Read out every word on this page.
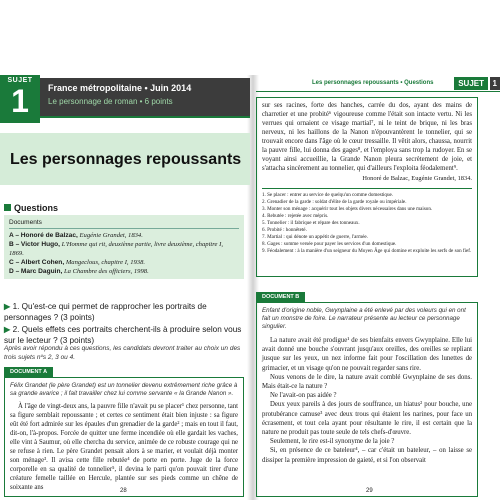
SUJET
1	France métropolitaine • Juin 2014
Le personnage de roman • 6 points
Les personnages repoussants
Questions
Documents
A – Honoré de Balzac, Eugénie Grandet, 1834.
B – Victor Hugo, L'Homme qui rit, deuxième partie, livre deuxième, chapitre I, 1869.
C – Albert Cohen, Mangeclous, chapitre I, 1938.
D – Marc Daguin, La Chambre des officiers, 1998.

▶ 1. Qu'est-ce qui permet de rapprocher les portraits de personnages ? (3 points)

▶ 2. Quels effets ces portraits cherchent-ils à produire selon vous sur le lecteur ? (3 points)

Après avoir répondu à ces questions, les candidats devront traiter au choix un des trois sujets nºs 2, 3 ou 4.
DOCUMENT A
Félix Grandet (le père Grandet) est un tonnelier devenu extrêmement riche grâce à sa grande avarice ; il fait travailler chez lui comme servante « la Grande Nanon ».
À l'âge de vingt-deux ans, la pauvre fille n'avait pu se placer¹ chez personne, tant sa figure semblait repoussante ; et certes ce sentiment était bien injuste : sa figure eût été fort admirée sur les épaules d'un grenadier de la garde² ; mais en tout il faut, dit-on, l'à-propos. Forcée de quitter une ferme incendiée où elle gardait les vaches, elle vint à Saumur, où elle chercha du service, animée de ce robuste courage qui ne se refuse à rien. Le père Grandet pensait alors à se marier, et voulait déjà monter son ménage³. Il avisa cette fille rebutée⁴ de porte en porte. Juge de la force corporelle en sa qualité de tonnelier⁵, il devina le parti qu'on pouvait tirer d'une créature femelle taillée en Hercule, plantée sur ses pieds comme un chêne de soixante ans	28
Les personnages repoussants • Questions	SUJET	1
sur ses racines, forte des hanches, carrée du dos, ayant des mains de charretier et une probité⁶ vigoureuse comme l'était son intacte vertu. Ni les verrues qui ornaient ce visage martial⁷, ni le teint de brique, ni les bras nerveux, ni les haillons de la Nanon n'épouvantèrent le tonnelier, qui se trouvait encore dans l'âge où le cœur tressaille. Il vêtit alors, chaussa, nourrit la pauvre fille, lui donna des gages⁸, et l'employa sans trop la rudoyer. En se voyant ainsi accueillie, la Grande Nanon pleura secrètement de joie, et s'attacha sincèrement au tonnelier, qui d'ailleurs l'exploita féodalement⁹.
Honoré de Balzac, Eugénie Grandet, 1834.
1. Se placer : entrer au service de quelqu'un comme domestique.
2. Grenadier de la garde : soldat d'élite de la garde royale ou impériale.
3. Monter son ménage : acquérir tout les objets divers nécessaires dans une maison.
4. Rebutée : rejetée avec mépris.
5. Tonnelier : il fabrique et répare des tonneaux.
6. Probité : honnêteté.
7. Martial : qui dénote un appétit de guerre, l'armée.
8. Gages : somme versée pour payer les services d'un domestique.
9. Féodalement : à la manière d'un seigneur du Moyen Âge qui domine et exploite les serfs de son fief.
DOCUMENT B
Enfant d'origine noble, Gwynplaine a été enlevé par des voleurs qui en ont fait un monstre de foire. Le narrateur présente au lecteur ce personnage singulier.

La nature avait été prodigue¹ de ses bienfaits envers Gwynplaine. Elle lui avait donné une bouche s'ouvrant jusqu'aux oreilles, des oreilles se repliant jusque sur les yeux, un nez informe fait pour l'oscillation des lunettes de grimacier, et un visage qu'on ne pouvait regarder sans rire.

Nous venons de le dire, la nature avait comblé Gwynplaine de ses dons. Mais était-ce la nature ?

Ne l'avait-on pas aidée ?

Deux yeux pareils à des jours de souffrance, un hiatus² pour bouche, une protubérance camuse³ avec deux trous qui étaient les narines, pour face un écrasement, et tout cela ayant pour résultante le rire, il est certain que la nature ne produit pas toute seule de tels chefs-d'œuvre.

Seulement, le rire est-il synonyme de la joie ?

Si, en présence de ce bateleur⁴, – car c'était un bateleur, – on laisse se dissiper la première impression de gaieté, et si l'on observait

29
